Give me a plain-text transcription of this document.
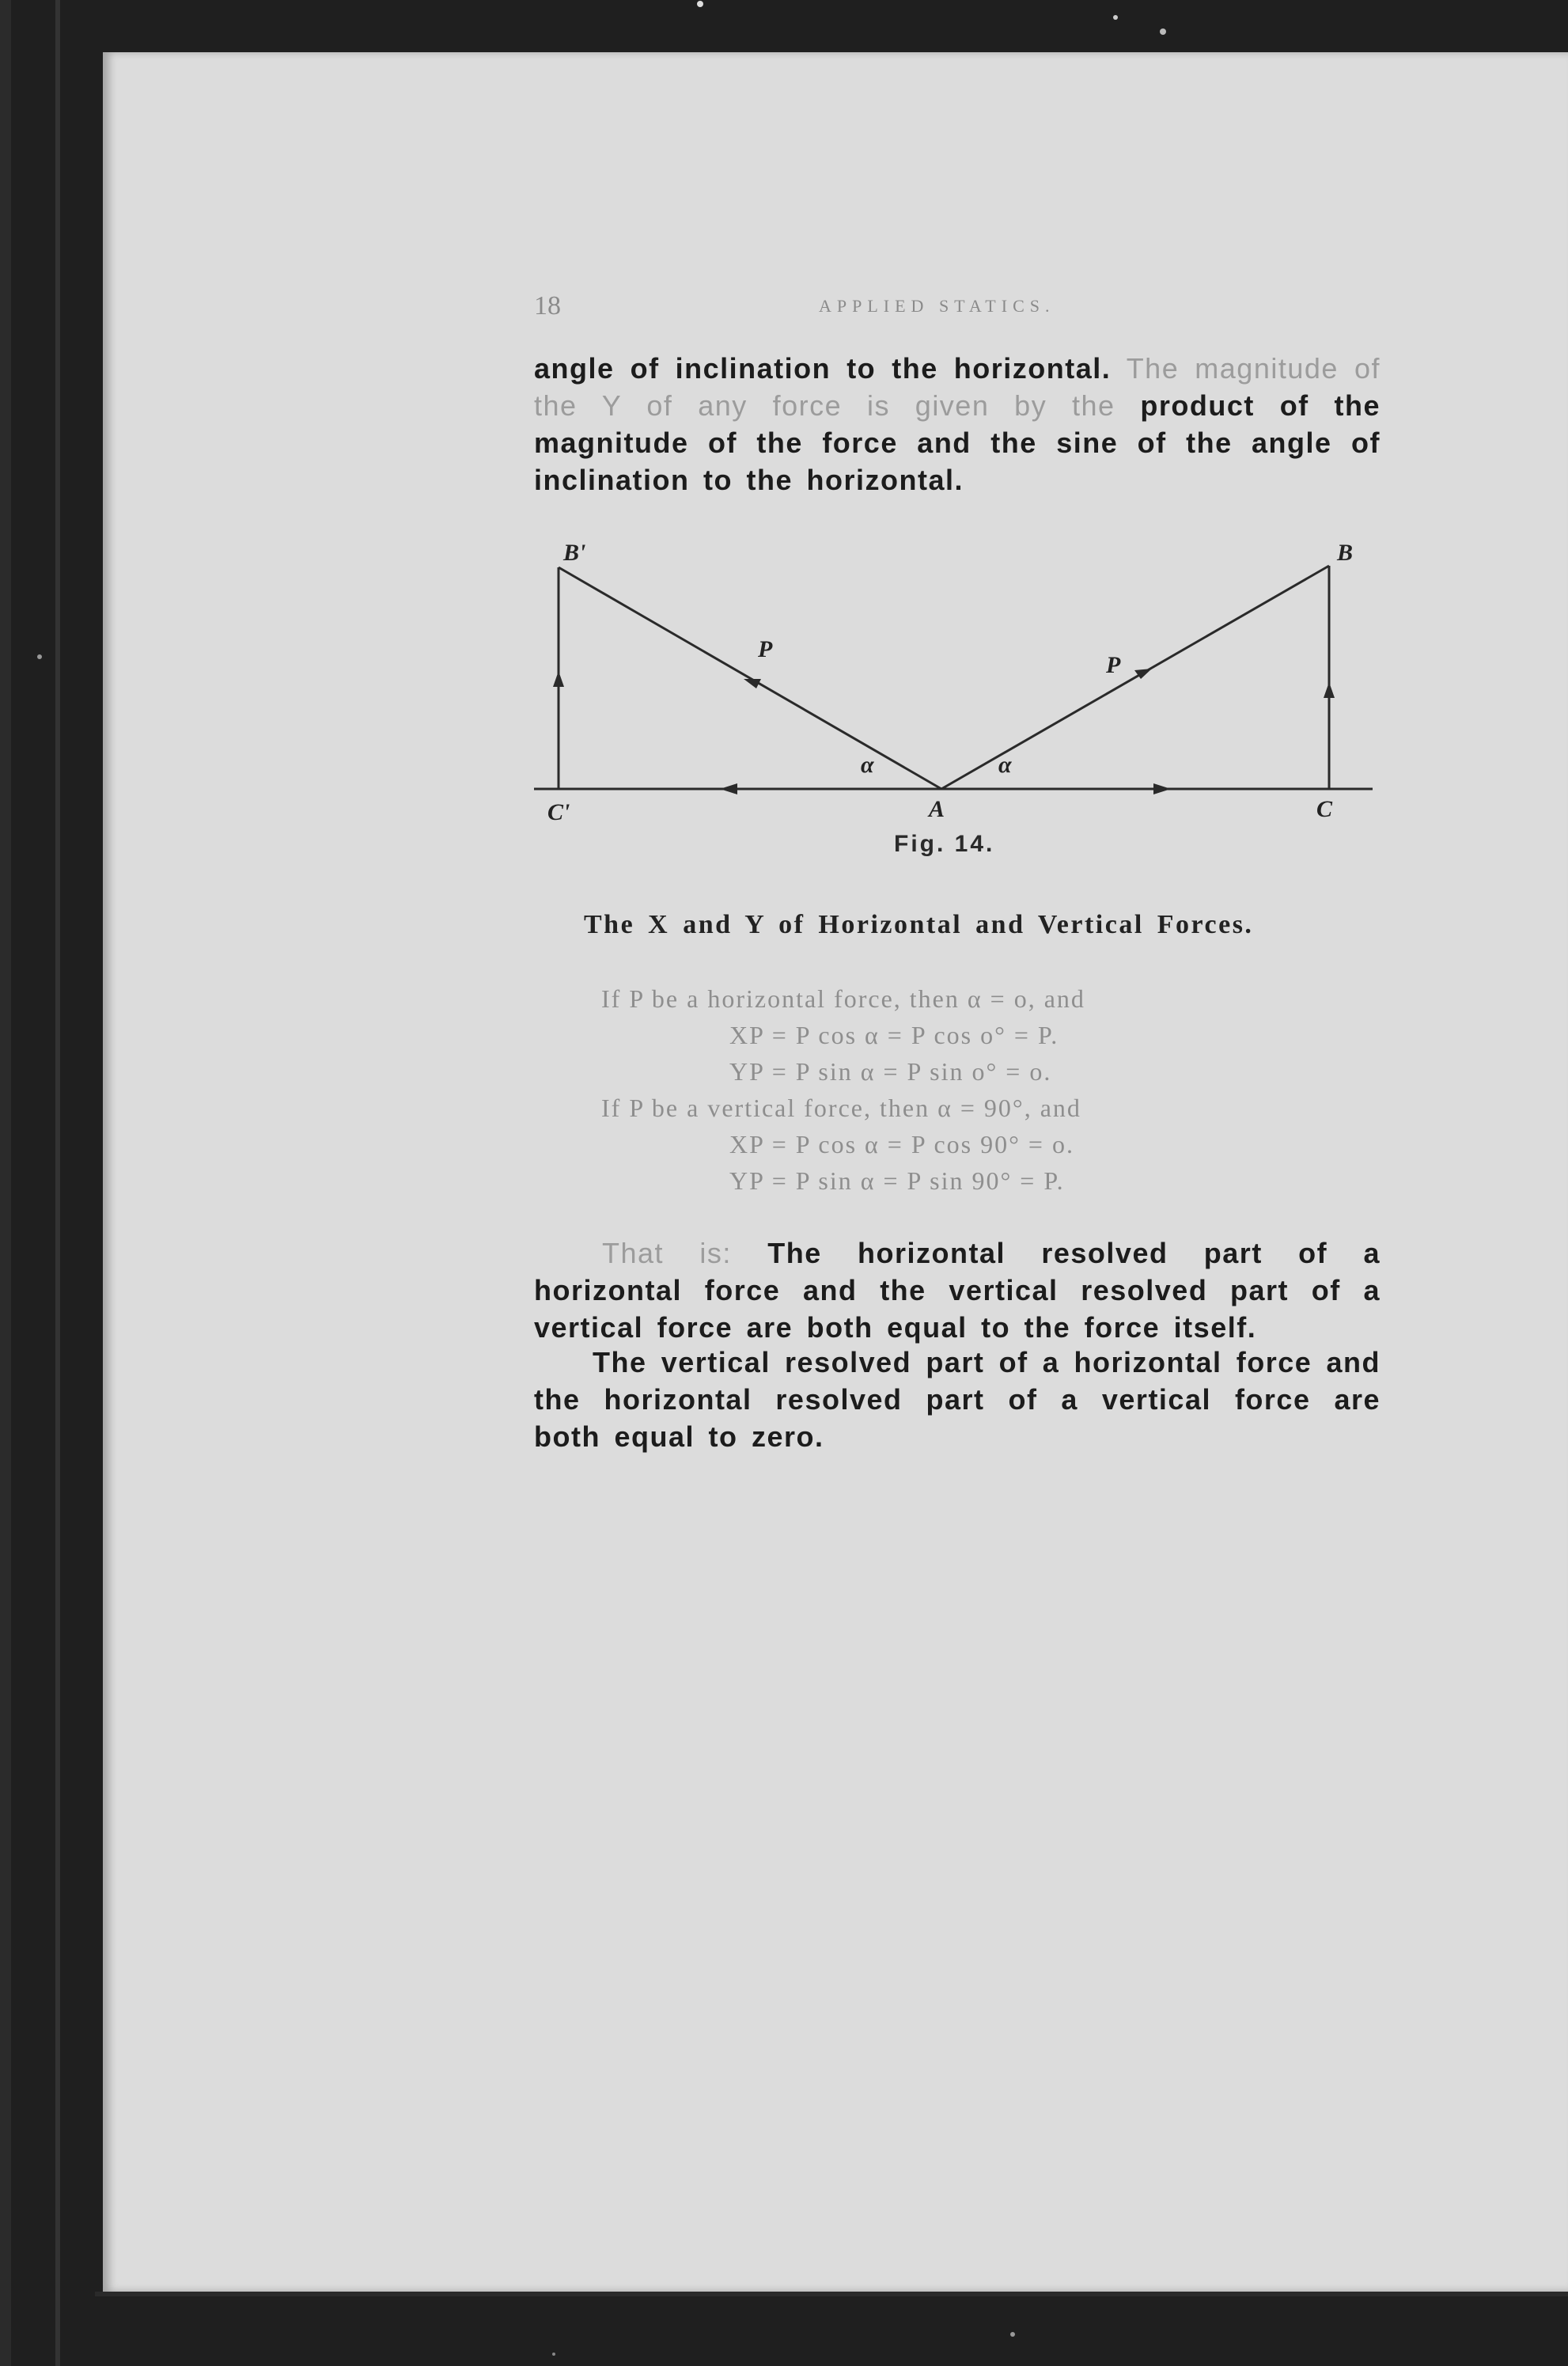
18	APPLIED STATICS.
angle of inclination to the horizontal. The magnitude of the Y of any force is given by the product of the magnitude of the force and the sine of the angle of inclination to the horizontal.
B'	B
P
P
α	α
C'	A	C
Fig. 14.
The X and Y of Horizontal and Vertical Forces.
If P be a horizontal force, then α = o, and
XP = P cos α = P cos o° = P.
YP = P sin α = P sin o° = o.
If P be a vertical force, then α = 90°, and
XP = P cos α = P cos 90° = o.
YP = P sin α = P sin 90° = P.
That is: The horizontal resolved part of a horizontal force and the vertical resolved part of a vertical force are both equal to the force itself.
The vertical resolved part of a horizontal force and the horizontal resolved part of a vertical force are both equal to zero.
